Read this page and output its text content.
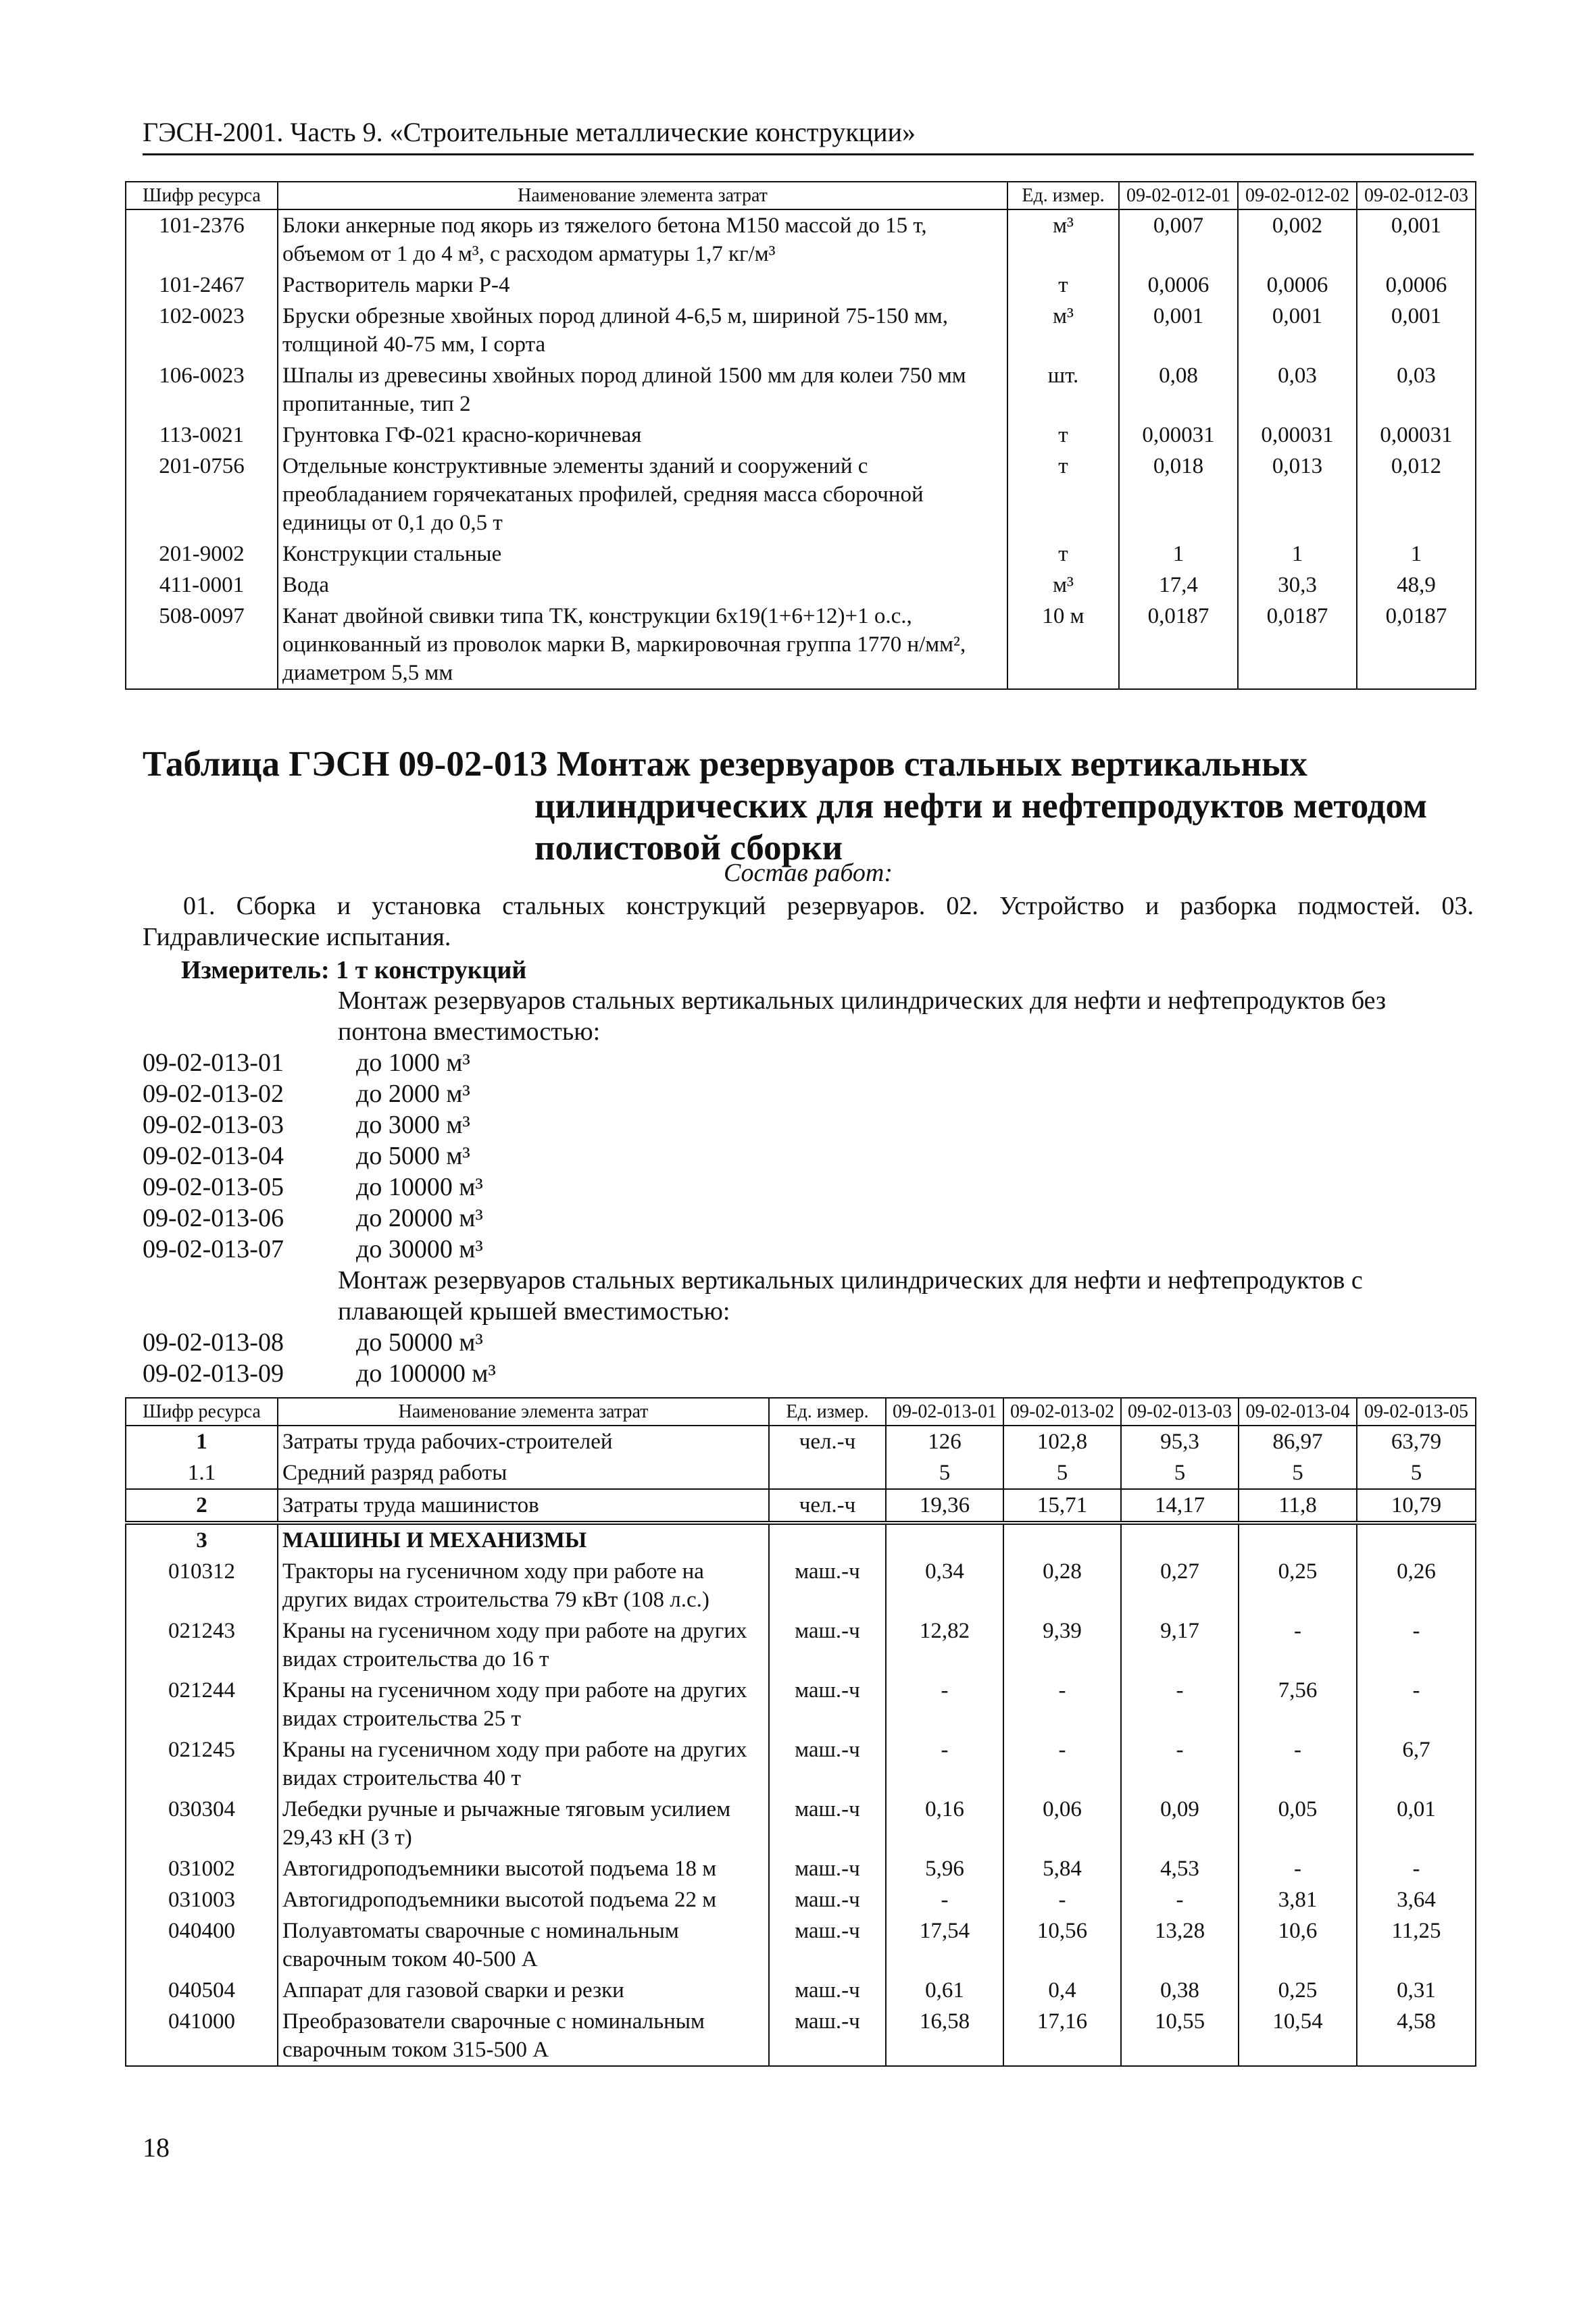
ГЭСН-2001. Часть 9. «Строительные металлические конструкции»
Шифр ресурса	Наименование элемента затрат	Ед. измер.	09-02-012-01	09-02-012-02	09-02-012-03
101-2376	Блоки анкерные под якорь из тяжелого бетона М150 массой до 15 т, объемом от 1 до 4 м³, с расходом арматуры 1,7 кг/м³	м³	0,007	0,002	0,001
101-2467	Растворитель марки Р-4	т	0,0006	0,0006	0,0006
102-0023	Бруски обрезные хвойных пород длиной 4-6,5 м, шириной 75-150 мм, толщиной 40-75 мм, I сорта	м³	0,001	0,001	0,001
106-0023	Шпалы из древесины хвойных пород длиной 1500 мм для колеи 750 мм пропитанные, тип 2	шт.	0,08	0,03	0,03
113-0021	Грунтовка ГФ-021 красно-коричневая	т	0,00031	0,00031	0,00031
201-0756	Отдельные конструктивные элементы зданий и сооружений с преобладанием горячекатаных профилей, средняя масса сборочной единицы от 0,1 до 0,5 т	т	0,018	0,013	0,012
201-9002	Конструкции стальные	т	1	1	1
411-0001	Вода	м³	17,4	30,3	48,9
508-0097	Канат двойной свивки типа ТК, конструкции 6х19(1+6+12)+1 о.с., оцинкованный из проволок марки В, маркировочная группа 1770 н/мм², диаметром 5,5 мм	10 м	0,0187	0,0187	0,0187
Таблица ГЭСН 09-02-013 Монтаж резервуаров стальных вертикальных
цилиндрических для нефти и нефтепродуктов методом
полистовой сборки
Состав работ:
01. Сборка и установка стальных конструкций резервуаров. 02. Устройство и разборка подмостей. 03. Гидравлические испытания.
Измеритель: 1 т конструкций
Монтаж резервуаров стальных вертикальных цилиндрических для нефти и нефтепродуктов без понтона вместимостью:
09-02-013-01	до 1000 м³
09-02-013-02	до 2000 м³
09-02-013-03	до 3000 м³
09-02-013-04	до 5000 м³
09-02-013-05	до 10000 м³
09-02-013-06	до 20000 м³
09-02-013-07	до 30000 м³
Монтаж резервуаров стальных вертикальных цилиндрических для нефти и нефтепродуктов с плавающей крышей вместимостью:
09-02-013-08	до 50000 м³
09-02-013-09	до 100000 м³
Шифр ресурса	Наименование элемента затрат	Ед. измер.	09-02-013-01	09-02-013-02	09-02-013-03	09-02-013-04	09-02-013-05
1	Затраты труда рабочих-строителей	чел.-ч	126	102,8	95,3	86,97	63,79
1.1	Средний разряд работы		5	5	5	5	5
2	Затраты труда машинистов	чел.-ч	19,36	15,71	14,17	11,8	10,79
3	МАШИНЫ И МЕХАНИЗМЫ						
010312	Тракторы на гусеничном ходу при работе на других видах строительства 79 кВт (108 л.с.)	маш.-ч	0,34	0,28	0,27	0,25	0,26
021243	Краны на гусеничном ходу при работе на других видах строительства до 16 т	маш.-ч	12,82	9,39	9,17	-	-
021244	Краны на гусеничном ходу при работе на других видах строительства 25 т	маш.-ч	-	-	-	7,56	-
021245	Краны на гусеничном ходу при работе на других видах строительства 40 т	маш.-ч	-	-	-	-	6,7
030304	Лебедки ручные и рычажные тяговым усилием 29,43 кН (3 т)	маш.-ч	0,16	0,06	0,09	0,05	0,01
031002	Автогидроподъемники высотой подъема 18 м	маш.-ч	5,96	5,84	4,53	-	-
031003	Автогидроподъемники высотой подъема 22 м	маш.-ч	-	-	-	3,81	3,64
040400	Полуавтоматы сварочные с номинальным сварочным током 40-500 А	маш.-ч	17,54	10,56	13,28	10,6	11,25
040504	Аппарат для газовой сварки и резки	маш.-ч	0,61	0,4	0,38	0,25	0,31
041000	Преобразователи сварочные с номинальным сварочным током 315-500 А	маш.-ч	16,58	17,16	10,55	10,54	4,58
18
